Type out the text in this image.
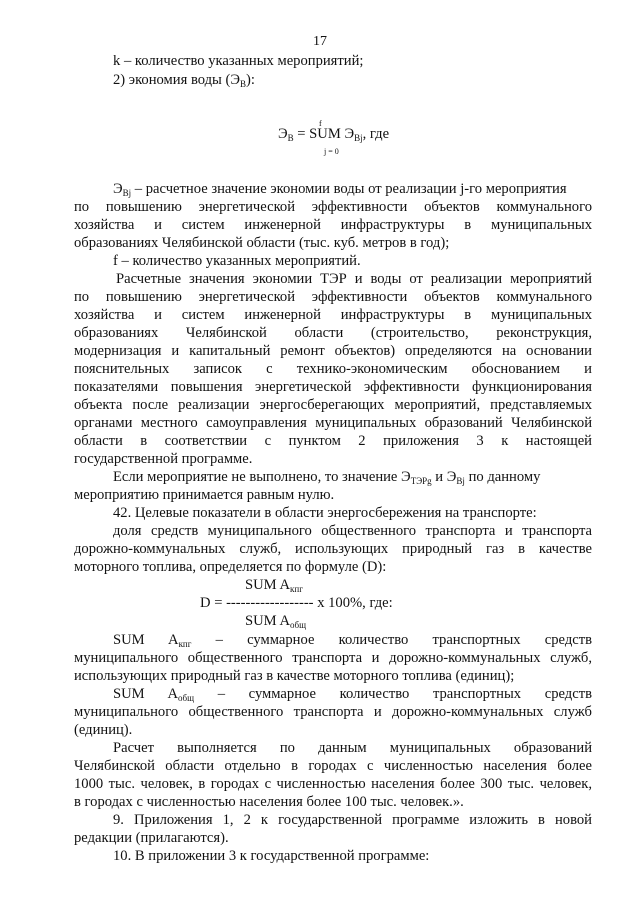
17
k – количество указанных мероприятий;
2) экономия воды $(Э_В)$:
f
$Э_В$ = SUM $Э_{Bj}$, где
j = 0
$Э_{Bj}$ – расчетное значение экономии воды от реализации j-го мероприятия
по повышению энергетической эффективности объектов коммунального
хозяйства и систем инженерной инфраструктуры в муниципальных
образованиях Челябинской области (тыс. куб. метров в год);
f – количество указанных мероприятий.
Расчетные значения экономии ТЭР и воды от реализации мероприятий
по повышению энергетической эффективности объектов коммунального
хозяйства и систем инженерной инфраструктуры в муниципальных
образованиях Челябинской области (строительство, реконструкция,
модернизация и капитальный ремонт объектов) определяются на основании
пояснительных записок с технико-экономическим обоснованием и
показателями повышения энергетической эффективности функционирования
объекта после реализации энергосберегающих мероприятий, представляемых
органами местного самоуправления муниципальных образований Челябинской
области в соответствии с пунктом 2 приложения 3 к настоящей
государственной программе.
Если мероприятие не выполнено, то значение $Э_{ТЭРg}$ и $Э_{Bj}$ по данному
мероприятию принимается равным нулю.
42. Целевые показатели в области энергосбережения на транспорте:
доля средств муниципального общественного транспорта и транспорта
дорожно-коммунальных служб, использующих природный газ в качестве
моторного топлива, определяется по формуле (D):
SUM $A_{кпг}$
D = ------------------ x 100%, где:
SUM $A_{общ}$
SUM $A_{кпг}$ – суммарное количество транспортных средств
муниципального общественного транспорта и дорожно-коммунальных служб,
использующих природный газ в качестве моторного топлива (единиц);
SUM $A_{общ}$ – суммарное количество транспортных средств
муниципального общественного транспорта и дорожно-коммунальных служб
(единиц).
Расчет выполняется по данным муниципальных образований
Челябинской области отдельно в городах с численностью населения более
1000 тыс. человек, в городах с численностью населения более 300 тыс. человек,
в городах с численностью населения более 100 тыс. человек.».
9. Приложения 1, 2 к государственной программе изложить в новой
редакции (прилагаются).
10. В приложении 3 к государственной программе:
